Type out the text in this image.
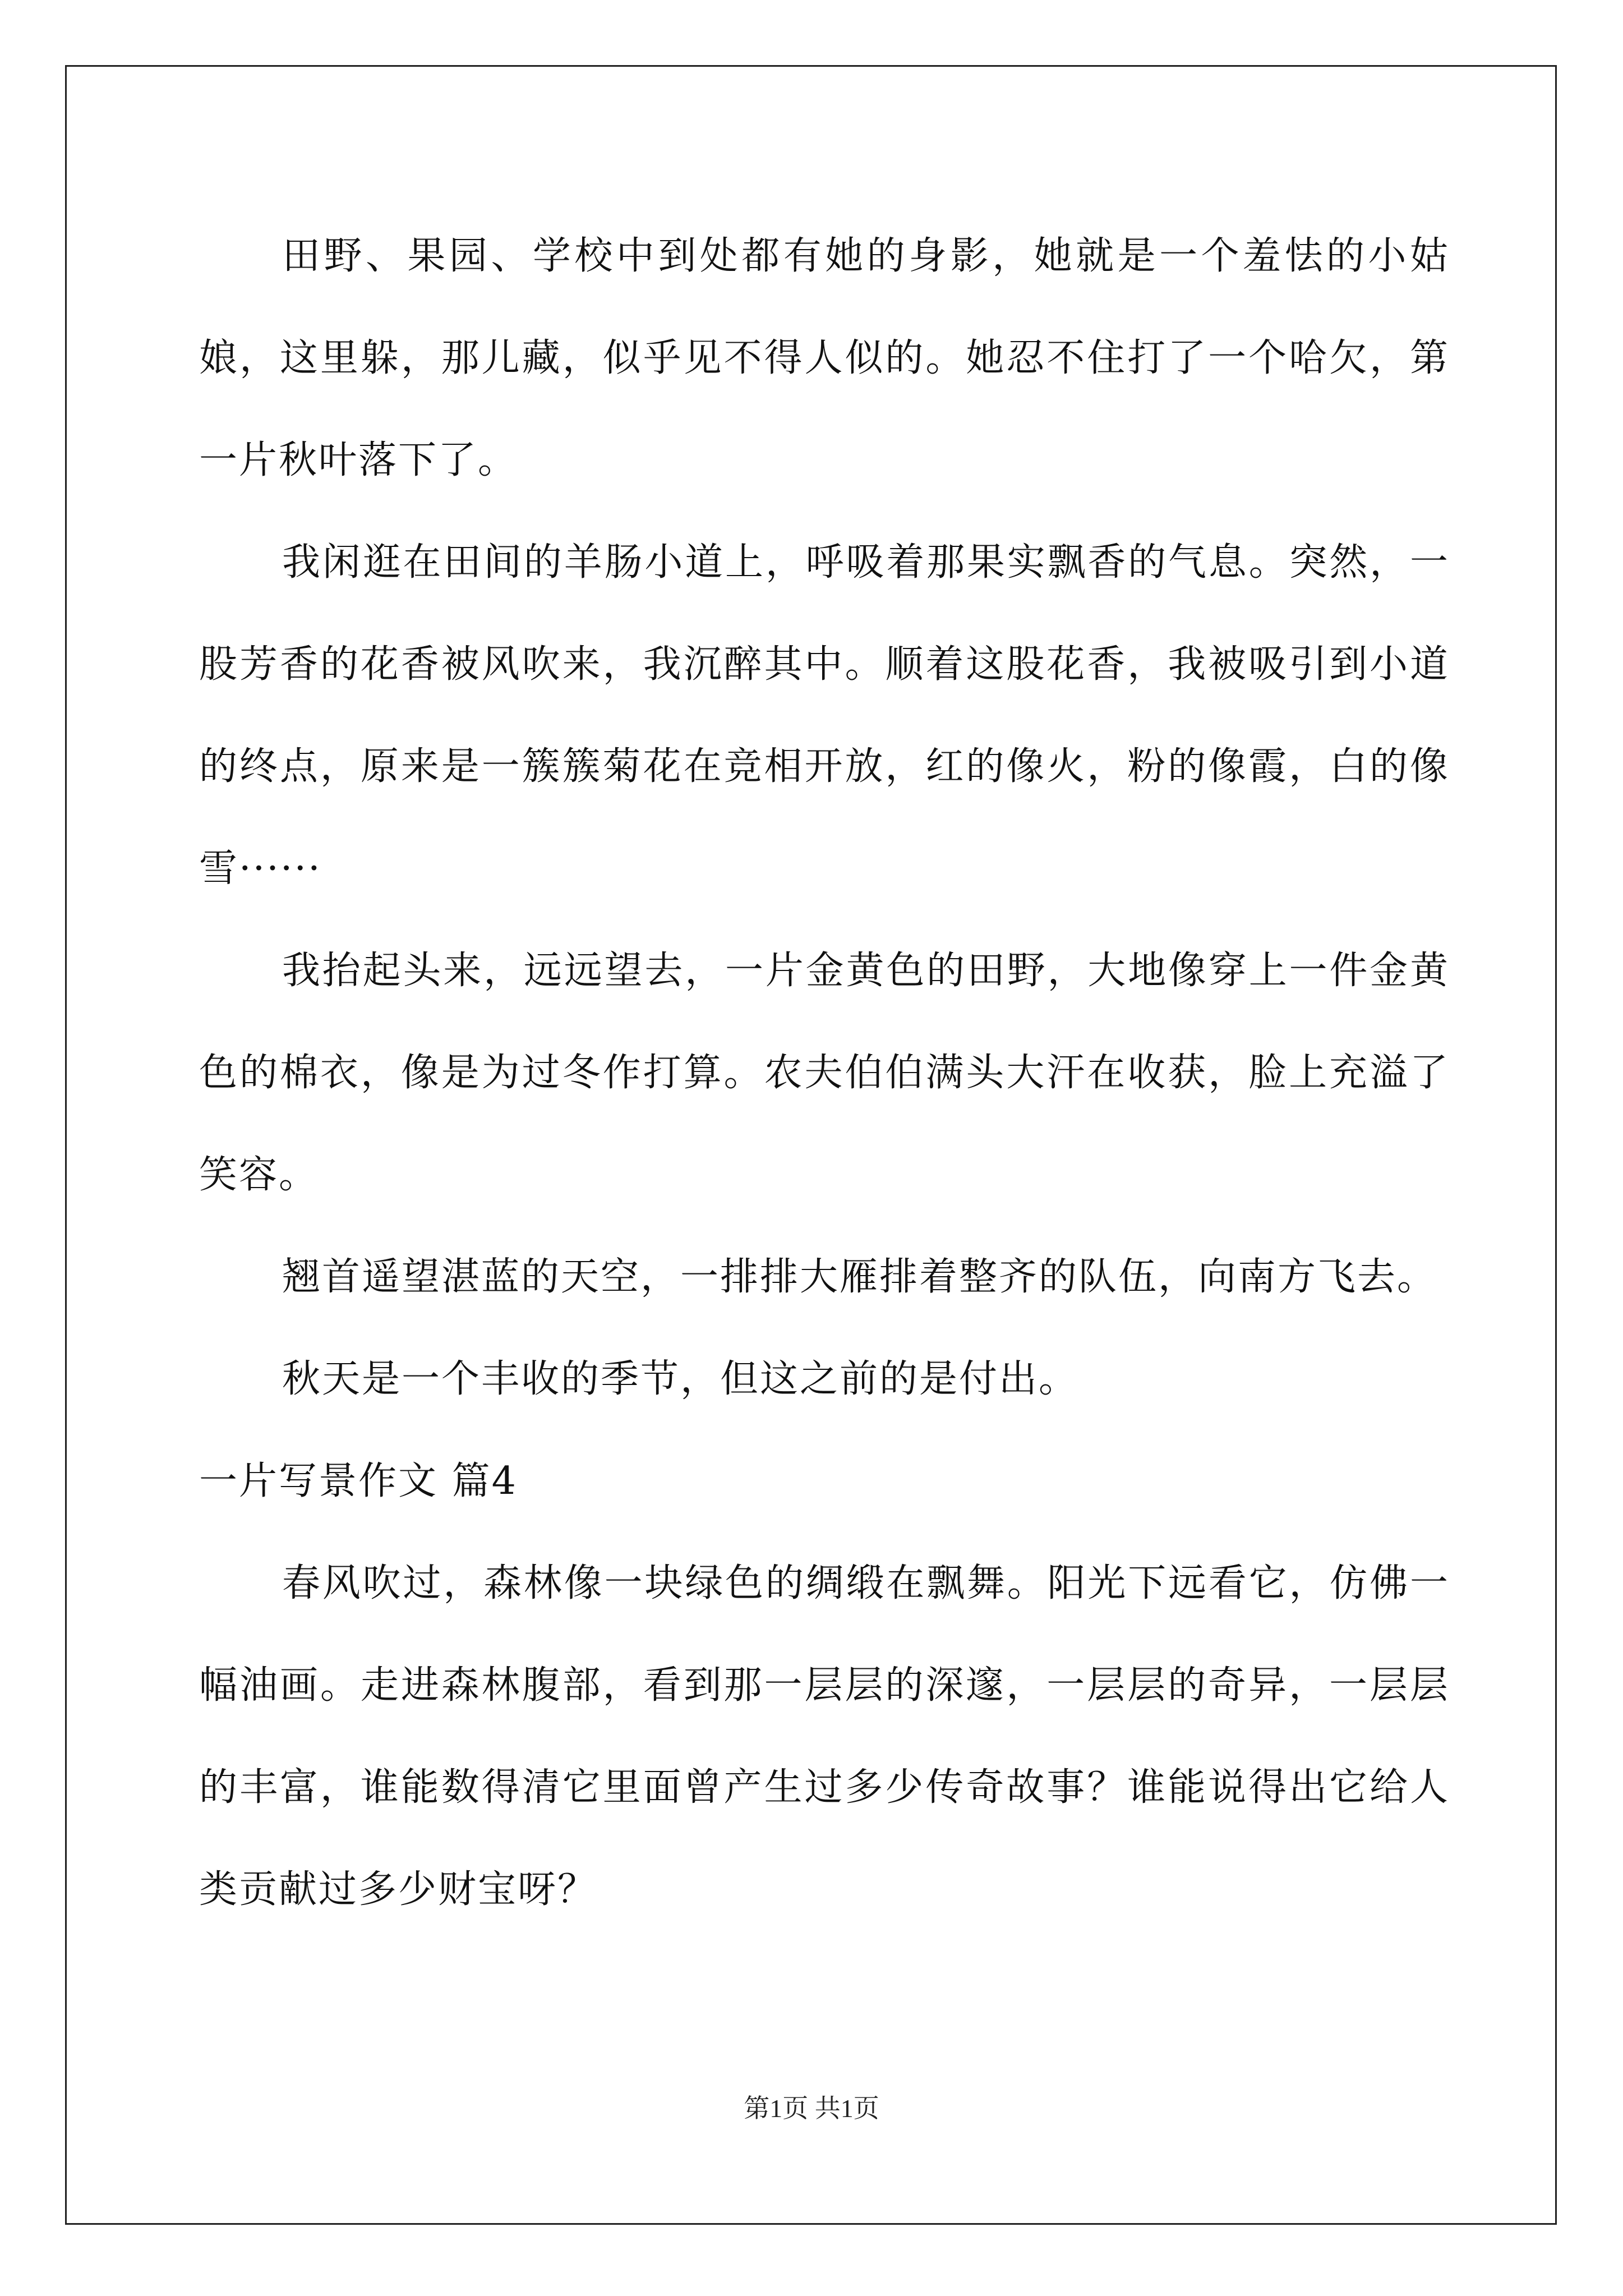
田野、果园、学校中到处都有她的身影，她就是一个羞怯的小姑娘，这里躲，那儿藏，似乎见不得人似的。她忍不住打了一个哈欠，第一片秋叶落下了。

我闲逛在田间的羊肠小道上，呼吸着那果实飘香的气息。突然，一股芳香的花香被风吹来，我沉醉其中。顺着这股花香，我被吸引到小道的终点，原来是一簇簇菊花在竞相开放，红的像火，粉的像霞，白的像雪······

我抬起头来，远远望去，一片金黄色的田野，大地像穿上一件金黄色的棉衣，像是为过冬作打算。农夫伯伯满头大汗在收获，脸上充溢了笑容。

翘首遥望湛蓝的天空，一排排大雁排着整齐的队伍，向南方飞去。

秋天是一个丰收的季节，但这之前的是付出。

一片写景作文 篇4

春风吹过，森林像一块绿色的绸缎在飘舞。阳光下远看它，仿佛一幅油画。走进森林腹部，看到那一层层的深邃，一层层的奇异，一层层的丰富，谁能数得清它里面曾产生过多少传奇故事？谁能说得出它给人类贡献过多少财宝呀？

第1页 共1页
